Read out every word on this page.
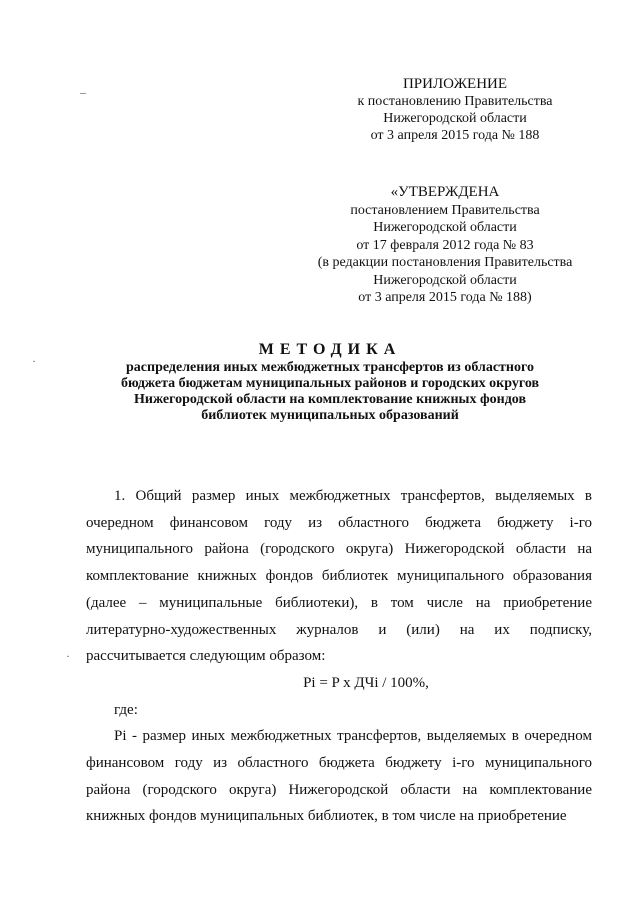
‒
·
·
ПРИЛОЖЕНИЕ
к постановлению Правительства
Нижегородской области
от 3 апреля 2015 года № 188
«УТВЕРЖДЕНА
постановлением Правительства
Нижегородской области
от 17 февраля 2012 года № 83
(в редакции постановления Правительства
Нижегородской области
от 3 апреля 2015 года № 188)
МЕТОДИКА
распределения иных межбюджетных трансфертов из областного
бюджета бюджетам муниципальных районов и городских округов
Нижегородской области на комплектование книжных фондов
библиотек муниципальных образований

1. Общий размер иных межбюджетных трансфертов, выделяемых в очередном финансовом году из областного бюджета бюджету i-го муниципального района (городского округа) Нижегородской области на комплектование книжных фондов библиотек муниципального образования (далее – муниципальные библиотеки), в том числе на приобретение литературно-художественных журналов и (или) на их подписку, рассчитывается следующим образом:

Pi = P x ДЧi / 100%,

где:

Pi - размер иных межбюджетных трансфертов, выделяемых в очередном финансовом году из областного бюджета бюджету i-го муниципального района (городского округа) Нижегородской области на комплектование книжных фондов муниципальных библиотек, в том числе на приобретение
